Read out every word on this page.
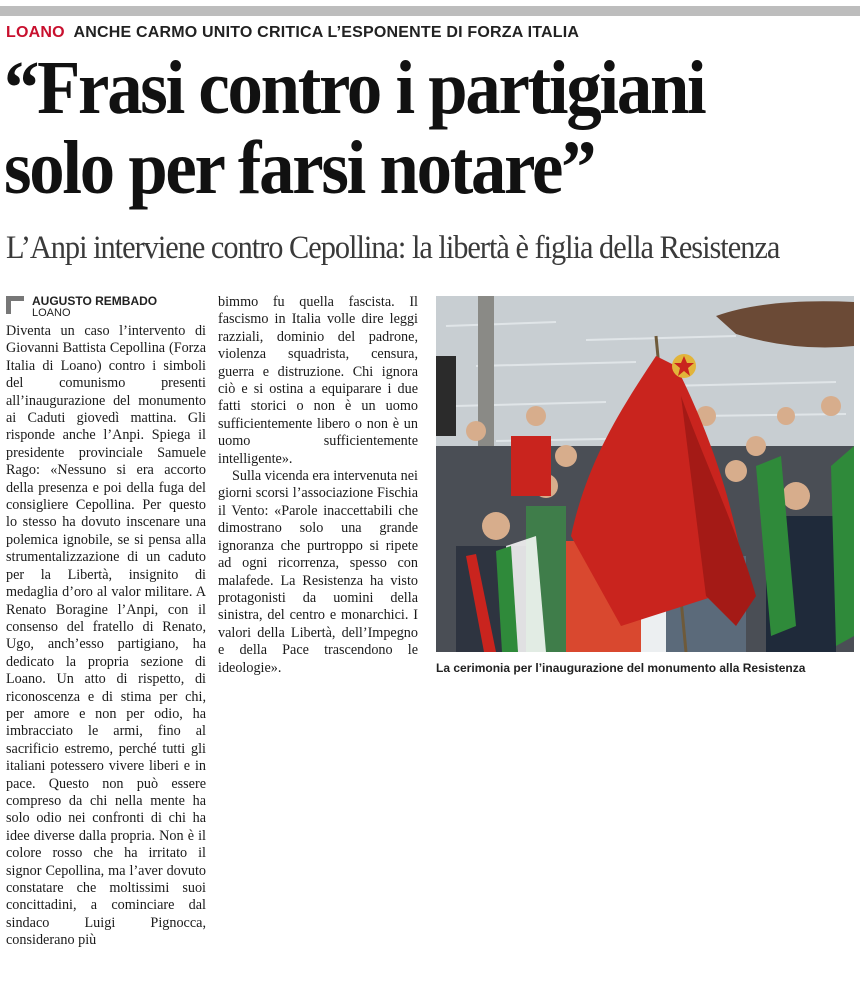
LOANO ANCHE CARMO UNITO CRITICA L’ESPONENTE DI FORZA ITALIA
“Frasi contro i partigiani
solo per farsi notare”
L’Anpi interviene contro Cepollina: la libertà è figlia della Resistenza
AUGUSTO REMBADO
LOANO

Diventa un caso l’intervento di Giovanni Battista Cepollina (Forza Italia di Loano) contro i simboli del comunismo presenti all’inaugurazione del monumento ai Caduti giovedì mattina. Gli risponde anche l’Anpi. Spiega il presidente provinciale Samuele Rago: «Nessuno si era accorto della presenza e poi della fuga del consigliere Cepollina. Per questo lo stesso ha dovuto inscenare una polemica ignobile, se si pensa alla strumentalizzazione di un caduto per la Libertà, insignito di medaglia d’oro al valor militare. A Renato Boragine l’Anpi, con il consenso del fratello di Renato, Ugo, anch’esso partigiano, ha dedicato la propria sezione di Loano. Un atto di rispetto, di riconoscenza e di stima per chi, per amore e non per odio, ha imbracciato le armi, fino al sacrificio estremo, perché tutti gli italiani potessero vivere liberi e in pace. Questo non può essere compreso da chi nella mente ha solo odio nei confronti di chi ha idee diverse dalla propria. Non è il colore rosso che ha irritato il signor Cepollina, ma l’aver dovuto constatare che moltissimi suoi concittadini, a cominciare dal sindaco Luigi Pignocca, considerano più

bimmo fu quella fascista. Il fascismo in Italia volle dire leggi razziali, dominio del padrone, violenza squadrista, censura, guerra e distruzione. Chi ignora ciò e si ostina a equiparare i due fatti storici o non è un uomo sufficientemente libero o non è un uomo sufficientemente intelligente».

Sulla vicenda era intervenuta nei giorni scorsi l’associazione Fischia il Vento: «Parole inaccettabili che dimostrano solo una grande ignoranza che purtroppo si ripete ad ogni ricorrenza, spesso con malafede. La Resistenza ha visto protagonisti da uomini della sinistra, del centro e monarchici. I valori della Libertà, dell’Impegno e della Pace trascendono le ideologie».	La cerimonia per l’inaugurazione del monumento alla Resistenza
